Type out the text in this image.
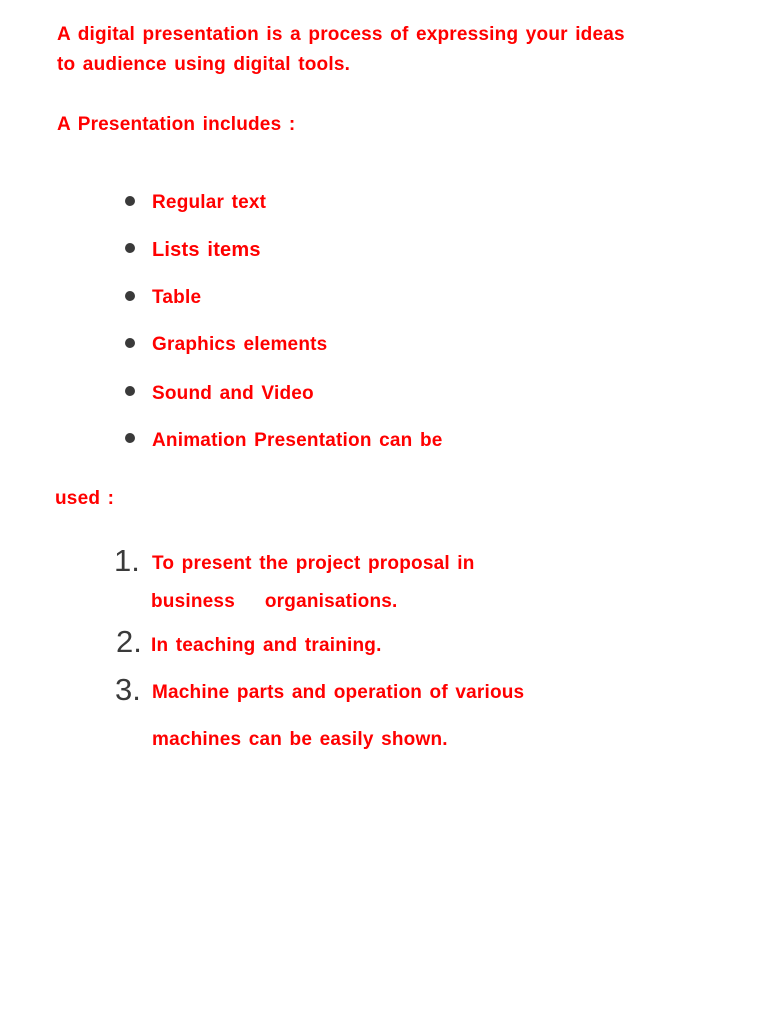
A digital presentation is a process of expressing your ideas
to audience using digital tools.
A Presentation includes :
Regular text
Lists items
Table
Graphics elements
Sound and Video
Animation Presentation can be
used :
1. To present the project proposal in
business    organisations.
2. In teaching and training.
3. Machine parts and operation of various
machines can be easily shown.
